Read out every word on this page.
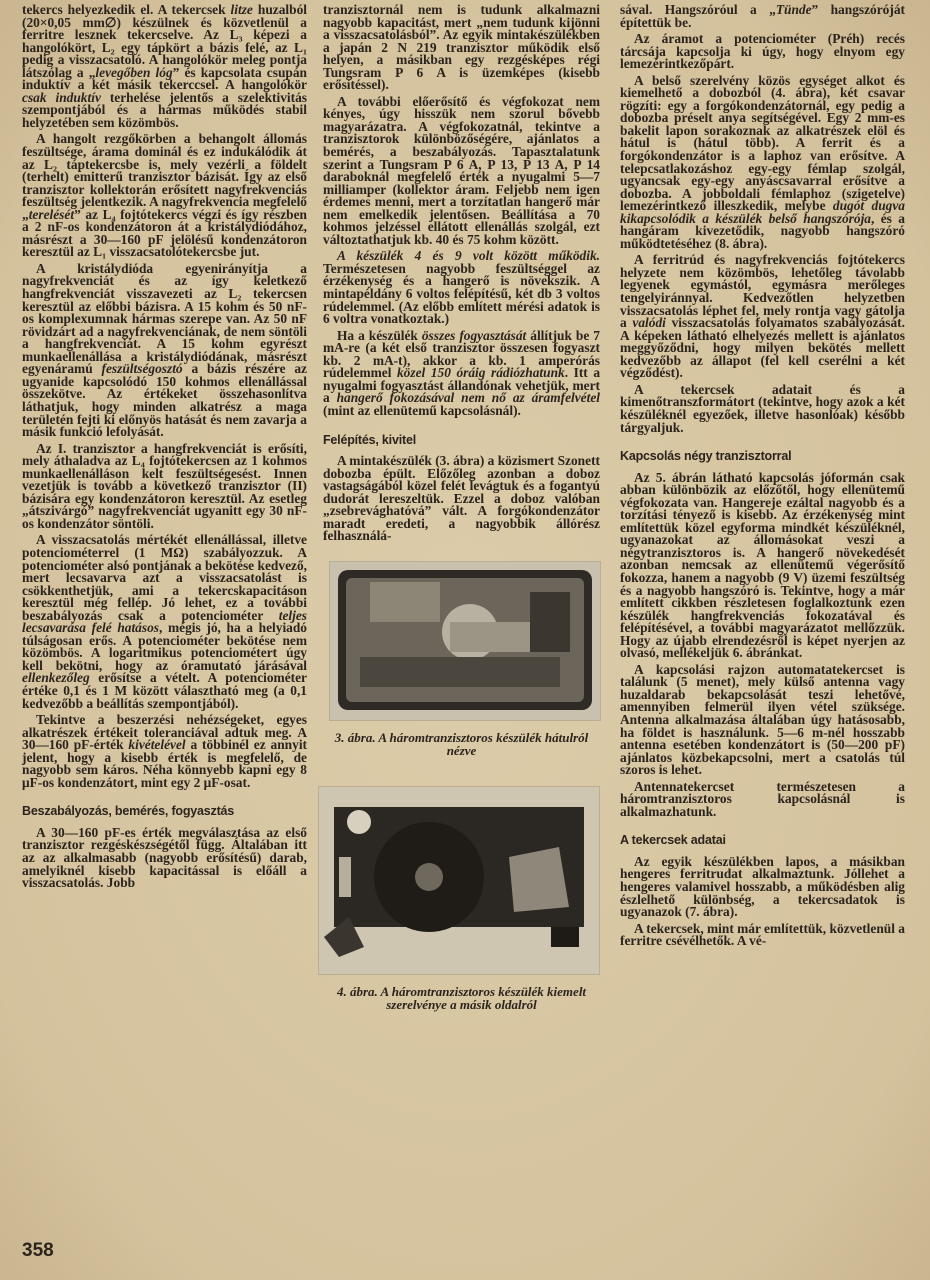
tekercs helyezkedik el. A tekercsek litze huzalból (20×0,05 mm∅) készülnek és közvetlenül a ferritre lesznek tekercselve. Az L₃ képezi a hangolókört, L₂ egy tápkört a bázis felé, az L₁ pedig a visszacsatoló. A hangolókör meleg pontja látszólag a „levegőben lóg” és kapcsolata csupán induktív a két másik tekerccsel. A hangolókör csak induktív terhelése jelentős a szelektivitás szempontjából és a hármas működés stabil helyzetében sem közömbös.

A hangolt rezgőkörben a behangolt állomás feszültsége, árama dominál és ez indukálódik át az L₂ táptekercsbe is, mely vezérli a földelt (terhelt) emitterű tranzisztor bázisát. Így az első tranzisztor kollektorán erősített nagyfrekvenciás feszültség jelentkezik. A nagyfrekvencia megfelelő „terelését” az L₄ fojtótekercs végzi és így részben a 2 nF-os kondenzátoron át a kristálydiódához, másrészt a 30—160 pF jelölésű kondenzátoron keresztül az L₁ visszacsatolótekercsbe jut.

A kristálydióda egyenirányítja a nagyfrekvenciát és az így keletkező hangfrekvenciát visszavezeti az L₂ tekercsen keresztül az előbbi bázisra. A 15 kohm és 50 nF-os komplexumnak hármas szerepe van. Az 50 nF rövidzárt ad a nagyfrekvenciának, de nem söntöli a hangfrekvenciát. A 15 kohm egyrészt munkaellenállása a kristálydiódának, másrészt egyenáramú feszültségosztó a bázis részére az ugyanide kapcsolódó 150 kohmos ellenállással összekötve. Az értékeket összehasonlítva láthatjuk, hogy minden alkatrész a maga területén fejti ki előnyös hatását és nem zavarja a másik funkció lefolyását.

Az I. tranzisztor a hangfrekvenciát is erősíti, mely áthaladva az L₄ fojtótekercsen az 1 kohmos munkaellenálláson kelt feszültségesést. Innen vezetjük is tovább a következő tranzisztor (II) bázisára egy kondenzátoron keresztül. Az esetleg „átszivárgó” nagyfrekvenciát ugyanitt egy 30 nF-os kondenzátor söntöli.

A visszacsatolás mértékét ellenállással, illetve potenciométerrel (1 MΩ) szabályozzuk. A potenciométer alsó pontjának a bekötése kedvező, mert lecsavarva azt a visszacsatolást is csökkenthetjük, ami a tekercskapacitáson keresztül még fellép. Jó lehet, ez a további beszabályozás csak a potenciométer teljes lecsavarása felé hatásos, mégis jó, ha a helyiadó túlságosan erős. A potenciométer bekötése nem közömbös. A logaritmikus potenciométert úgy kell bekötni, hogy az óramutató járásával ellenkezőleg erősítse a vételt. A potenciométer értéke 0,1 és 1 M között választható meg (a 0,1 kedvezőbb a beállítás szempontjából).

Tekintve a beszerzési nehézségeket, egyes alkatrészek értékeit toleranciával adtuk meg. A 30—160 pF-érték kivételével a többinél ez annyit jelent, hogy a kisebb érték is megfelelő, de nagyobb sem káros. Néha könnyebb kapni egy 8 μF-os kondenzátort, mint egy 2 μF-osat.

Beszabályozás, bemérés, fogyasztás

A 30—160 pF-es érték megválasztása az első tranzisztor rezgéskészségétől függ. Általában itt az az alkalmasabb (nagyobb erősítésű) darab, amelyiknél kisebb kapacitással is előáll a visszacsatolás. Jobb

tranzisztornál nem is tudunk alkalmazni nagyobb kapacitást, mert „nem tudunk kijönni a visszacsatolásból”. Az egyik mintakészülékben a japán 2 N 219 tranzisztor működik első helyen, a másikban egy rezgésképes régi Tungsram P 6 A is üzemképes (kisebb erősítéssel).

A további előerősítő és végfokozat nem kényes, úgy hisszük nem szorul bővebb magyarázatra. A végfokozatnál, tekintve a tranzisztorok különbözőségére, ajánlatos a bemérés, a beszabályozás. Tapasztalatunk szerint a Tungsram P 6 A, P 13, P 13 A, P 14 daraboknál megfelelő érték a nyugalmi 5—7 milliamper (kollektor áram. Feljebb nem igen érdemes menni, mert a torzítatlan hangerő már nem emelkedik jelentősen. Beállítása a 70 kohmos jelzéssel ellátott ellenállás szolgál, ezt változtathatjuk kb. 40 és 75 kohm között.

A készülék 4 és 9 volt között működik. Természetesen nagyobb feszültséggel az érzékenység és a hangerő is növekszik. A mintapéldány 6 voltos felépítésű, két db 3 voltos rúdelemmel. (Az előbb említett mérési adatok is 6 voltra vonatkoztak.)

Ha a készülék összes fogyasztását állítjuk be 7 mA-re (a két első tranzisztor összesen fogyaszt kb. 2 mA-t), akkor a kb. 1 amperórás rúdelemmel közel 150 óráig rádiózhatunk. Itt a nyugalmi fogyasztást állandónak vehetjük, mert a hangerő fokozásával nem nő az áramfelvétel (mint az ellenütemű kapcsolásnál).

Felépítés, kivitel

A mintakészülék (3. ábra) a közismert Szonett dobozba épült. Előzőleg azonban a doboz vastagságából közel felét levágtuk és a fogantyú dudorát lereszeltük. Ezzel a doboz valóban „zsebrevághatóvá” vált. A forgókondenzátor maradt eredeti, a nagyobbik állórész felhasználá-

3. ábra. A háromtranzisztoros készülék hátulról nézve
4. ábra. A háromtranzisztoros készülék kiemelt szerelvénye a másik oldalról

sával. Hangszóróul a „Tünde” hangszóróját építettük be.

Az áramot a potenciométer (Préh) recés tárcsája kapcsolja ki úgy, hogy elnyom egy lemezérintkezőpárt.

A belső szerelvény közös egységet alkot és kiemelhető a dobozból (4. ábra), két csavar rögzíti: egy a forgókondenzátornál, egy pedig a dobozba préselt anya segítségével. Egy 2 mm-es bakelit lapon sorakoznak az alkatrészek elöl és hátul is (hátul több). A ferrit és a forgókondenzátor is a laphoz van erősítve. A telepcsatlakozáshoz egy-egy fémlap szolgál, ugyancsak egy-egy anyáscsavarral erősítve a dobozba. A jobboldali fémlaphoz (szigetelve) lemezérintkező illeszkedik, melybe dugót dugva kikapcsolódik a készülék belső hangszórója, és a hangáram kivezetődik, nagyobb hangszóró működtetéséhez (8. ábra).

A ferritrúd és nagyfrekvenciás fojtótekercs helyzete nem közömbös, lehetőleg távolabb legyenek egymástól, egymásra merőleges tengelyiránnyal. Kedvezőtlen helyzetben visszacsatolás léphet fel, mely rontja vagy gátolja a valódi visszacsatolás folyamatos szabályozását. A képeken látható elhelyezés mellett is ajánlatos meggyőződni, hogy milyen bekötés mellett kedvezőbb az állapot (fel kell cserélni a két végződést).

A tekercsek adatait és a kimenőtranszformátort (tekintve, hogy azok a két készüléknél egyezőek, illetve hasonlóak) később tárgyaljuk.

Kapcsolás négy tranzisztorral

Az 5. ábrán látható kapcsolás jóformán csak abban különbözik az előzőtől, hogy ellenütemű végfokozata van. Hangereje ezáltal nagyobb és a torzítási tényező is kisebb. Az érzékenység mint említettük közel egyforma mindkét készüléknél, ugyanazokat az állomásokat veszi a négytranzisztoros is. A hangerő növekedését azonban nemcsak az ellenütemű végerősítő fokozza, hanem a nagyobb (9 V) üzemi feszültség és a nagyobb hangszóró is. Tekintve, hogy a már említett cikkben részletesen foglalkoztunk ezen készülék hangfrekvenciás fokozatával és felépítésével, a további magyarázatot mellőzzük. Hogy az újabb elrendezésről is képet nyerjen az olvasó, mellékeljük 6. ábránkat.

A kapcsolási rajzon automatatekercset is találunk (5 menet), mely külső antenna vagy huzaldarab bekapcsolását teszi lehetővé, amennyiben felmerül ilyen vétel szüksége. Antenna alkalmazása általában úgy hatásosabb, ha földet is használunk. 5—6 m-nél hosszabb antenna esetében kondenzátort is (50—200 pF) ajánlatos közbekapcsolni, mert a csatolás túl szoros is lehet.

Antennatekercset természetesen a háromtranzisztoros kapcsolásnál is alkalmazhatunk.

A tekercsek adatai

Az egyik készülékben lapos, a másikban hengeres ferritrudat alkalmaztunk. Jóllehet a hengeres valamivel hosszabb, a működésben alig észlelhető különbség, a tekercsadatok is ugyanazok (7. ábra).

A tekercsek, mint már említettük, közvetlenül a ferritre csévélhetők. A vé-

358
